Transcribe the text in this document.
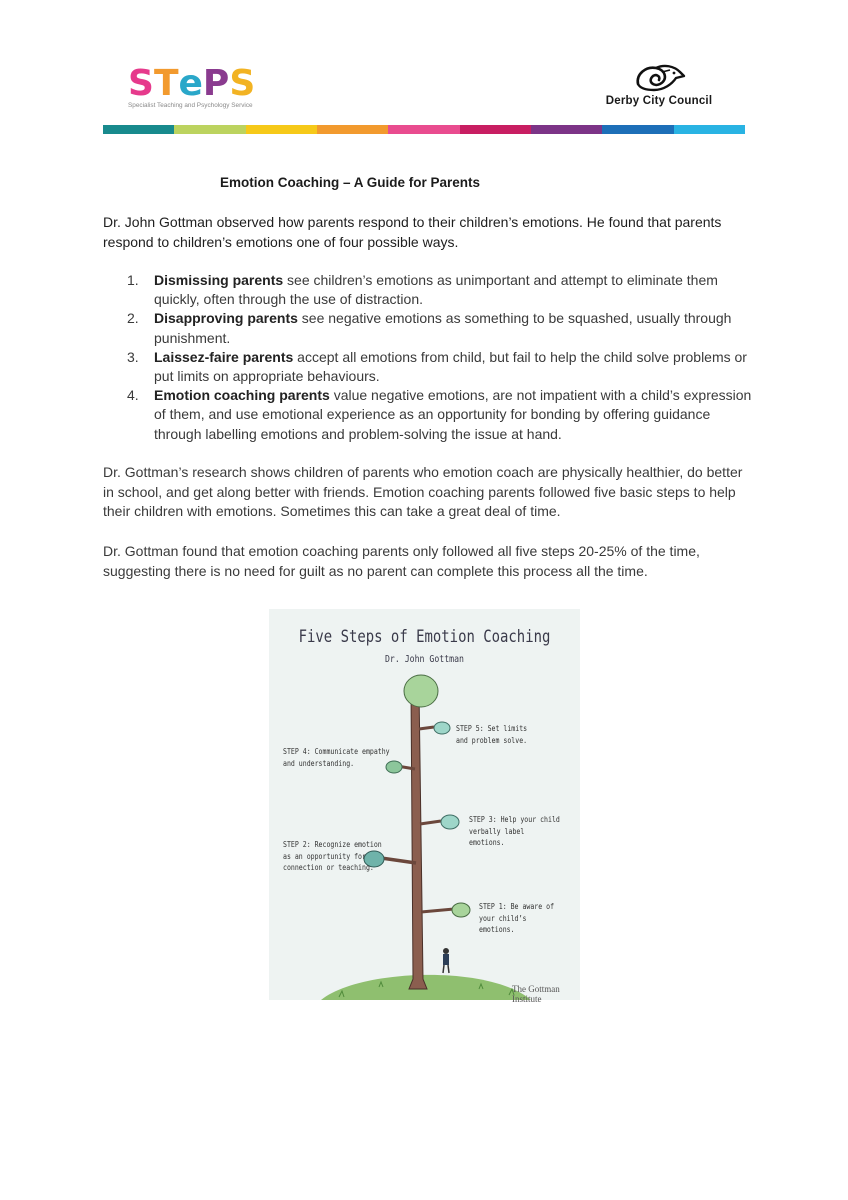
S T e P S
Specialist Teaching and Psychology Service	Derby City Council
Emotion Coaching – A Guide for Parents
Dr. John Gottman observed how parents respond to their children’s emotions. He found that parents respond to children’s emotions one of four possible ways.
1. Dismissing parents see children’s emotions as unimportant and attempt to eliminate them quickly, often through the use of distraction.
2. Disapproving parents see negative emotions as something to be squashed, usually through punishment.
3. Laissez-faire parents accept all emotions from child, but fail to help the child solve problems or put limits on appropriate behaviours.
4. Emotion coaching parents value negative emotions, are not impatient with a child’s expression of them, and use emotional experience as an opportunity for bonding by offering guidance through labelling emotions and problem-solving the issue at hand.
Dr. Gottman’s research shows children of parents who emotion coach are physically healthier, do better in school, and get along better with friends. Emotion coaching parents followed five basic steps to help their children with emotions. Sometimes this can take a great deal of time.
Dr. Gottman found that emotion coaching parents only followed all five steps 20-25% of the time, suggesting there is no need for guilt as no parent can complete this process all the time.
Five Steps of Emotion Coaching
Dr. John Gottman
STEP 5: Set limits
and problem solve.
STEP 4: Communicate empathy
and understanding.
STEP 3: Help your child
verbally label emotions.
STEP 2: Recognize emotion
as an opportunity for
connection or teaching.
STEP 1: Be aware of
your child’s emotions.
The Gottman Institute
